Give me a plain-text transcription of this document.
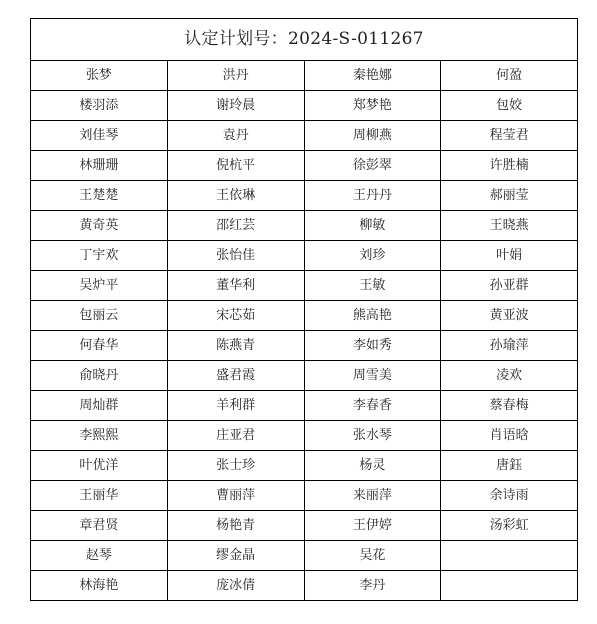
认定计划号：2024-S-011267			
张梦	洪丹	秦艳娜	何盈
楼羽添	谢玲晨	郑梦艳	包姣
刘佳琴	袁丹	周柳燕	程莹君
林珊珊	倪杭平	徐彭翠	许胜楠
王楚楚	王依琳	王丹丹	郝丽莹
黄奇英	邵红芸	柳敏	王晓燕
丁宇欢	张怡佳	刘珍	叶娟
吴炉平	董华利	王敏	孙亚群
包丽云	宋芯茹	熊高艳	黄亚波
何春华	陈燕青	李如秀	孙瑜萍
俞晓丹	盛君霞	周雪美	凌欢
周灿群	羊利群	李春香	蔡春梅
李熙熙	庄亚君	张水琴	肖语晗
叶优洋	张士珍	杨灵	唐鈺
王丽华	曹丽萍	来丽萍	余诗雨
章君贤	杨艳青	王伊婷	汤彩虹
赵琴	缪金晶	吴花	
林海艳	庞冰倩	李丹	
